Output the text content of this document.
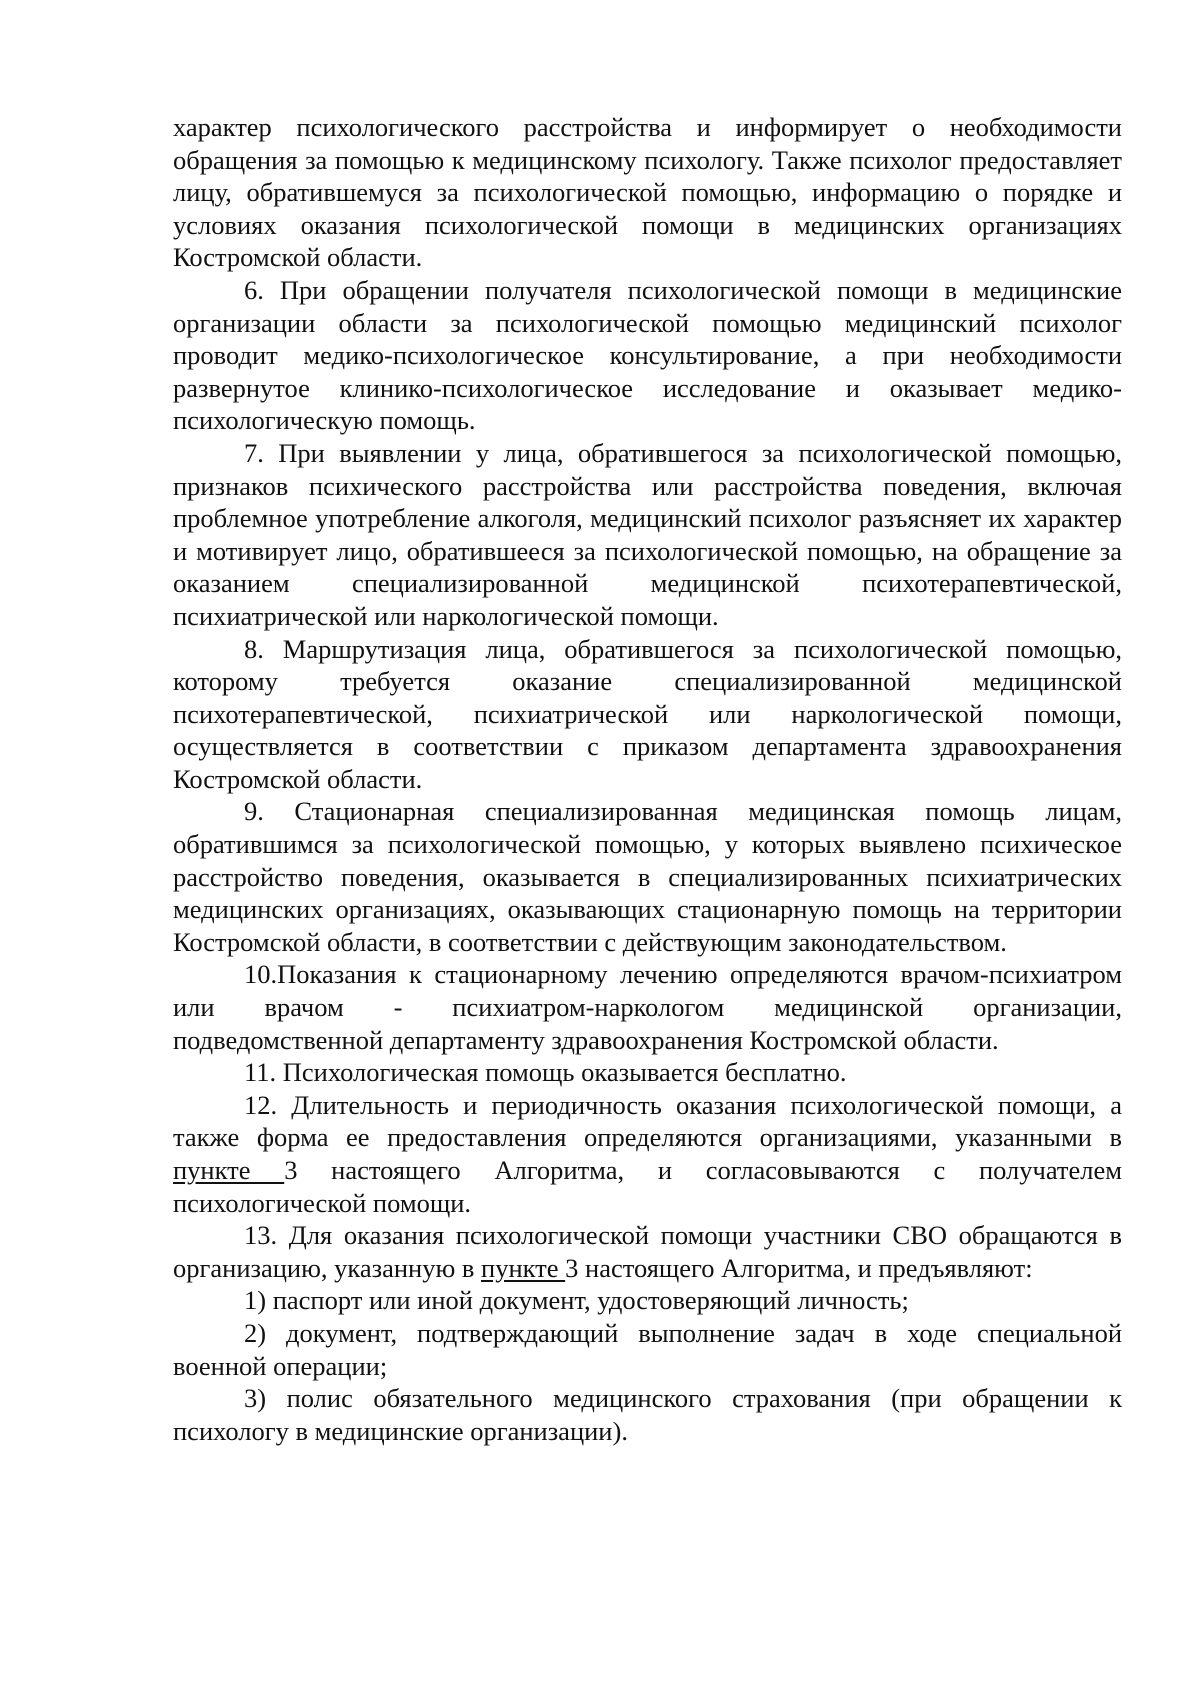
характер психологического расстройства и информирует о необходимости обращения за помощью к медицинскому психологу. Также психолог предоставляет лицу, обратившемуся за психологической помощью, информацию о порядке и условиях оказания психологической помощи в медицинских организациях Костромской области.

6. При обращении получателя психологической помощи в медицинские организации области за психологической помощью медицинский психолог проводит медико-психологическое консультирование, а при необходимости развернутое клинико-психологическое исследование и оказывает медико-психологическую помощь.

7. При выявлении у лица, обратившегося за психологической помощью, признаков психического расстройства или расстройства поведения, включая проблемное употребление алкоголя, медицинский психолог разъясняет их характер и мотивирует лицо, обратившееся за психологической помощью, на обращение за оказанием специализированной медицинской психотерапевтической, психиатрической или наркологической помощи.

8. Маршрутизация лица, обратившегося за психологической помощью, которому требуется оказание специализированной медицинской психотерапевтической, психиатрической или наркологической помощи, осуществляется в соответствии с приказом департамента здравоохранения Костромской области.

9. Стационарная специализированная медицинская помощь лицам, обратившимся за психологической помощью, у которых выявлено психическое расстройство поведения, оказывается в специализированных психиатрических медицинских организациях, оказывающих стационарную помощь на территории Костромской области, в соответствии с действующим законодательством.

10.Показания к стационарному лечению определяются врачом-психиатром или врачом - психиатром-наркологом медицинской организации, подведомственной департаменту здравоохранения Костромской области.

11. Психологическая помощь оказывается бесплатно.

12. Длительность и периодичность оказания психологической помощи, а также форма ее предоставления определяются организациями, указанными в пункте 3 настоящего Алгоритма, и согласовываются с получателем психологической помощи.

13. Для оказания психологической помощи участники СВО обращаются в организацию, указанную в пункте 3 настоящего Алгоритма, и предъявляют:

1) паспорт или иной документ, удостоверяющий личность;

2) документ, подтверждающий выполнение задач в ходе специальной военной операции;

3) полис обязательного медицинского страхования (при обращении к психологу в медицинские организации).
